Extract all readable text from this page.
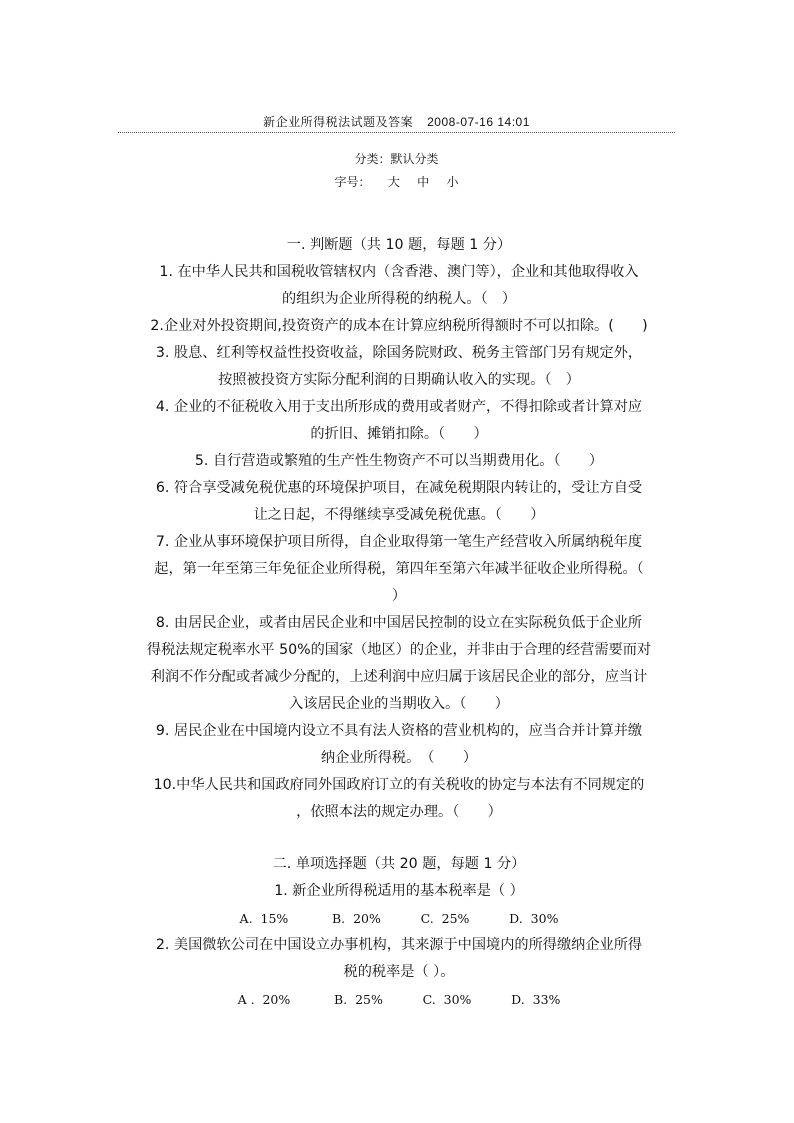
新企业所得税法试题及答案 2008-07-16 14:01
分类：默认分类
字号： 大 中 小

一. 判断题（共 10 题，每题 1 分）

1. 在中华人民共和国税收管辖权内（含香港、澳门等），企业和其他取得收入

的组织为企业所得税的纳税人。（　）

2.企业对外投资期间,投资资产的成本在计算应纳税所得额时不可以扣除。(　　)

3. 股息、红利等权益性投资收益，除国务院财政、税务主管部门另有规定外，

按照被投资方实际分配利润的日期确认收入的实现。（　）

4. 企业的不征税收入用于支出所形成的费用或者财产，不得扣除或者计算对应

的折旧、摊销扣除。（　　）

5. 自行营造或繁殖的生产性生物资产不可以当期费用化。（　　）

6. 符合享受减免税优惠的环境保护项目，在减免税期限内转让的，受让方自受

让之日起，不得继续享受减免税优惠。（　　）

7. 企业从事环境保护项目所得，自企业取得第一笔生产经营收入所属纳税年度

起，第一年至第三年免征企业所得税，第四年至第六年减半征收企业所得税。（

）

8. 由居民企业，或者由居民企业和中国居民控制的设立在实际税负低于企业所

得税法规定税率水平 50%的国家（地区）的企业，并非由于合理的经营需要而对

利润不作分配或者减少分配的，上述利润中应归属于该居民企业的部分，应当计

入该居民企业的当期收入。（　　）

9. 居民企业在中国境内设立不具有法人资格的营业机构的，应当合并计算并缴

纳企业所得税。　（　　）

10.中华人民共和国政府同外国政府订立的有关税收的协定与本法有不同规定的

，依照本法的规定办理。（　　）

二. 单项选择题（共 20 题，每题 1 分）

1. 新企业所得税适用的基本税率是（ ）

A.  15%           B.  20%          C.  25%          D.  30%

2. 美国微软公司在中国设立办事机构，其来源于中国境内的所得缴纳企业所得

税的税率是（ ）。

A .  20%           B.  25%          C.  30%          D.  33%
